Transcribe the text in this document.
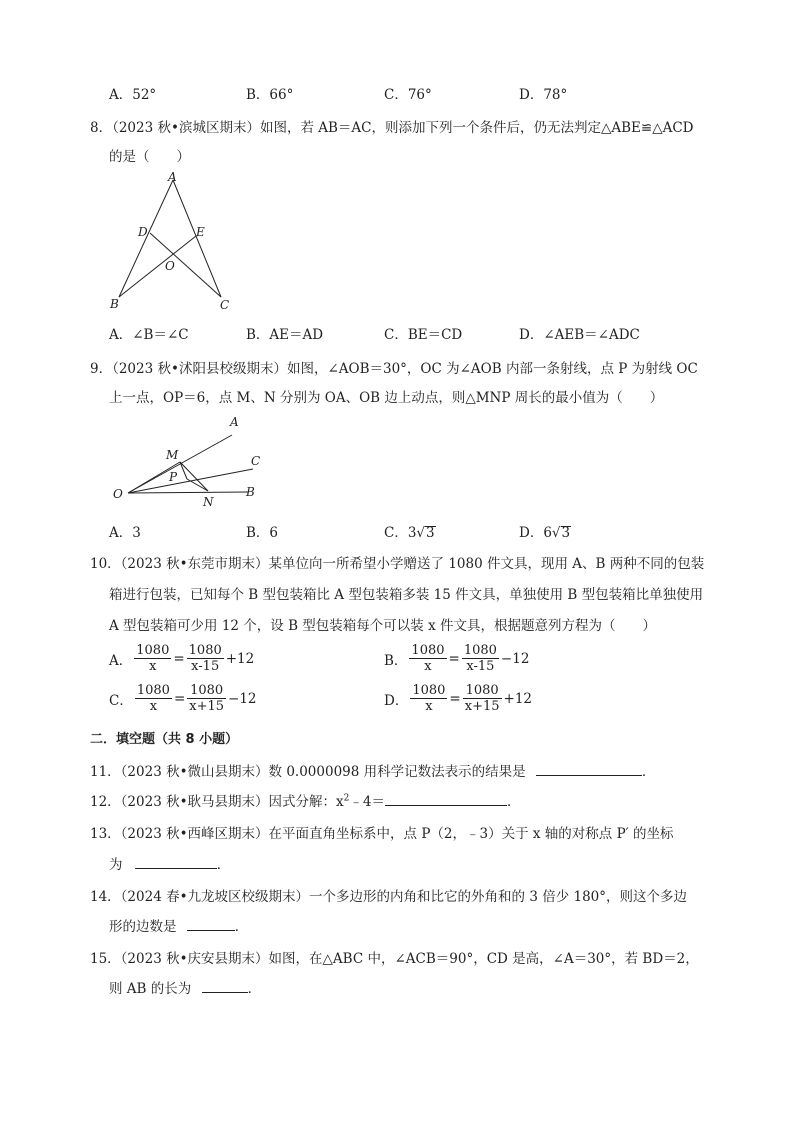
A．52°	B．66°	C．76°	D．78°
8．（2023 秋•滨城区期末）如图，若 AB＝AC，则添加下列一个条件后，仍无法判定△ABE≌△ACD
的是（　　）
A
D	E
O
B	C
A．∠B＝∠C	B．AE＝AD	C．BE＝CD	D．∠AEB＝∠ADC
9．（2023 秋•沭阳县校级期末）如图，∠AOB＝30°，OC 为∠AOB 内部一条射线，点 P 为射线 OC
上一点，OP＝6，点 M、N 分别为 OA、OB 边上动点，则△MNP 周长的最小值为（　　）
A
M	C
P
O
N
B
A．3	B．6	C．3√3	D．6√3
10．（2023 秋•东莞市期末）某单位向一所希望小学赠送了 1080 件文具，现用 A、B 两种不同的包装
箱进行包装，已知每个 B 型包装箱比 A 型包装箱多装 15 件文具，单独使用 B 型包装箱比单独使用
A 型包装箱可少用 12 个，设 B 型包装箱每个可以装 x 件文具，根据题意列方程为（　　）
A． $\frac{1080}{x} = \frac{1080}{x-15} +12$	B． $\frac{1080}{x} = \frac{1080}{x-15} -12$
C． $\frac{1080}{x} = \frac{1080}{x+15} -12$	D． $\frac{1080}{x} = \frac{1080}{x+15} +12$
二．填空题（共 8 小题）
11．（2023 秋•微山县期末）数 0.0000098 用科学记数法表示的结果是	．
12．（2023 秋•耿马县期末）因式分解：$x^2﹣4=$	．
13．（2023 秋•西峰区期末）在平面直角坐标系中，点 P（2，﹣3）关于 x 轴的对称点 P′ 的坐标
为	．
14．（2024 春•九龙坡区校级期末）一个多边形的内角和比它的外角和的 3 倍少 180°，则这个多边
形的边数是	．
15．（2023 秋•庆安县期末）如图，在△ABC 中，∠ACB＝90°，CD 是高，∠A＝30°，若 BD＝2，
则 AB 的长为	．
